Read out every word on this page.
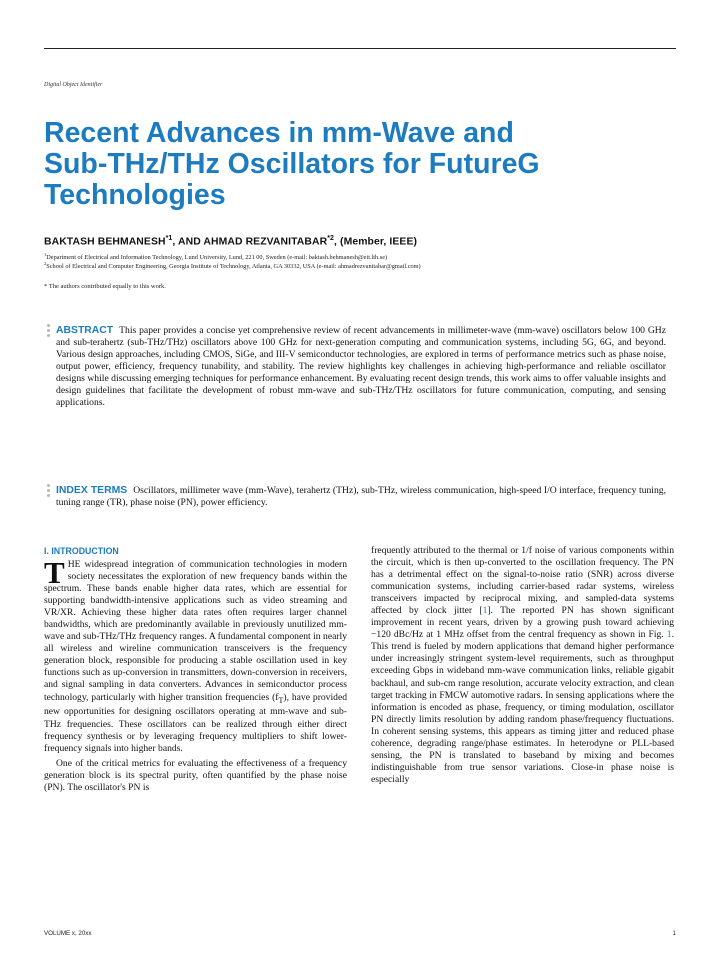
Digital Object Identifier
Recent Advances in mm-Wave and
Sub-THz/THz Oscillators for FutureG
Technologies
BAKTASH BEHMANESH$^{*1}$, AND AHMAD REZVANITABAR$^{*2}$, (Member, IEEE)
$^1$Department of Electrical and Information Technology, Lund University, Lund, 221 00, Sweden (e-mail: baktash.behmanesh@eit.lth.se)
$^2$School of Electrical and Computer Engineering, Georgia Institute of Technology, Atlanta, GA 30332, USA (e-mail: ahmadrezvanitabar@gmail.com)
* The authors contributed equally to this work.
ABSTRACT This paper provides a concise yet comprehensive review of recent advancements in millimeter-wave (mm-wave) oscillators below 100 GHz and sub-terahertz (sub-THz/THz) oscillators above 100 GHz for next-generation computing and communication systems, including 5G, 6G, and beyond. Various design approaches, including CMOS, SiGe, and III-V semiconductor technologies, are explored in terms of performance metrics such as phase noise, output power, efficiency, frequency tunability, and stability. The review highlights key challenges in achieving high-performance and reliable oscillator designs while discussing emerging techniques for performance enhancement. By evaluating recent design trends, this work aims to offer valuable insights and design guidelines that facilitate the development of robust mm-wave and sub-THz/THz oscillators for future communication, computing, and sensing applications.
INDEX TERMS Oscillators, millimeter wave (mm-Wave), terahertz (THz), sub-THz, wireless communication, high-speed I/O interface, frequency tuning, tuning range (TR), phase noise (PN), power efficiency.
I. INTRODUCTION

THE widespread integration of communication technologies in modern society necessitates the exploration of new frequency bands within the spectrum. These bands enable higher data rates, which are essential for supporting bandwidth-intensive applications such as video streaming and VR/XR. Achieving these higher data rates often requires larger channel bandwidths, which are predominantly available in previously unutilized mm-wave and sub-THz/THz frequency ranges. A fundamental component in nearly all wireless and wireline communication transceivers is the frequency generation block, responsible for producing a stable oscillation used in key functions such as up-conversion in transmitters, down-conversion in receivers, and signal sampling in data converters. Advances in semiconductor process technology, particularly with higher transition frequencies $(f_T)$, have provided new opportunities for designing oscillators operating at mm-wave and sub-THz frequencies. These oscillators can be realized through either direct frequency synthesis or by leveraging frequency multipliers to shift lower-frequency signals into higher bands.

One of the critical metrics for evaluating the effectiveness of a frequency generation block is its spectral purity, often quantified by the phase noise (PN). The oscillator's PN is

frequently attributed to the thermal or 1/f noise of various components within the circuit, which is then up-converted to the oscillation frequency. The PN has a detrimental effect on the signal-to-noise ratio (SNR) across diverse communication systems, including carrier-based radar systems, wireless transceivers impacted by reciprocal mixing, and sampled-data systems affected by clock jitter [1]. The reported PN has shown significant improvement in recent years, driven by a growing push toward achieving −120 dBc/Hz at 1 MHz offset from the central frequency as shown in Fig. 1. This trend is fueled by modern applications that demand higher performance under increasingly stringent system-level requirements, such as throughput exceeding Gbps in wideband mm-wave communication links, reliable gigabit backhaul, and sub-cm range resolution, accurate velocity extraction, and clean target tracking in FMCW automotive radars. In sensing applications where the information is encoded as phase, frequency, or timing modulation, oscillator PN directly limits resolution by adding random phase/frequency fluctuations. In coherent sensing systems, this appears as timing jitter and reduced phase coherence, degrading range/phase estimates. In heterodyne or PLL-based sensing, the PN is translated to baseband by mixing and becomes indistinguishable from true sensor variations. Close-in phase noise is especially

VOLUME x, 20xx	1
